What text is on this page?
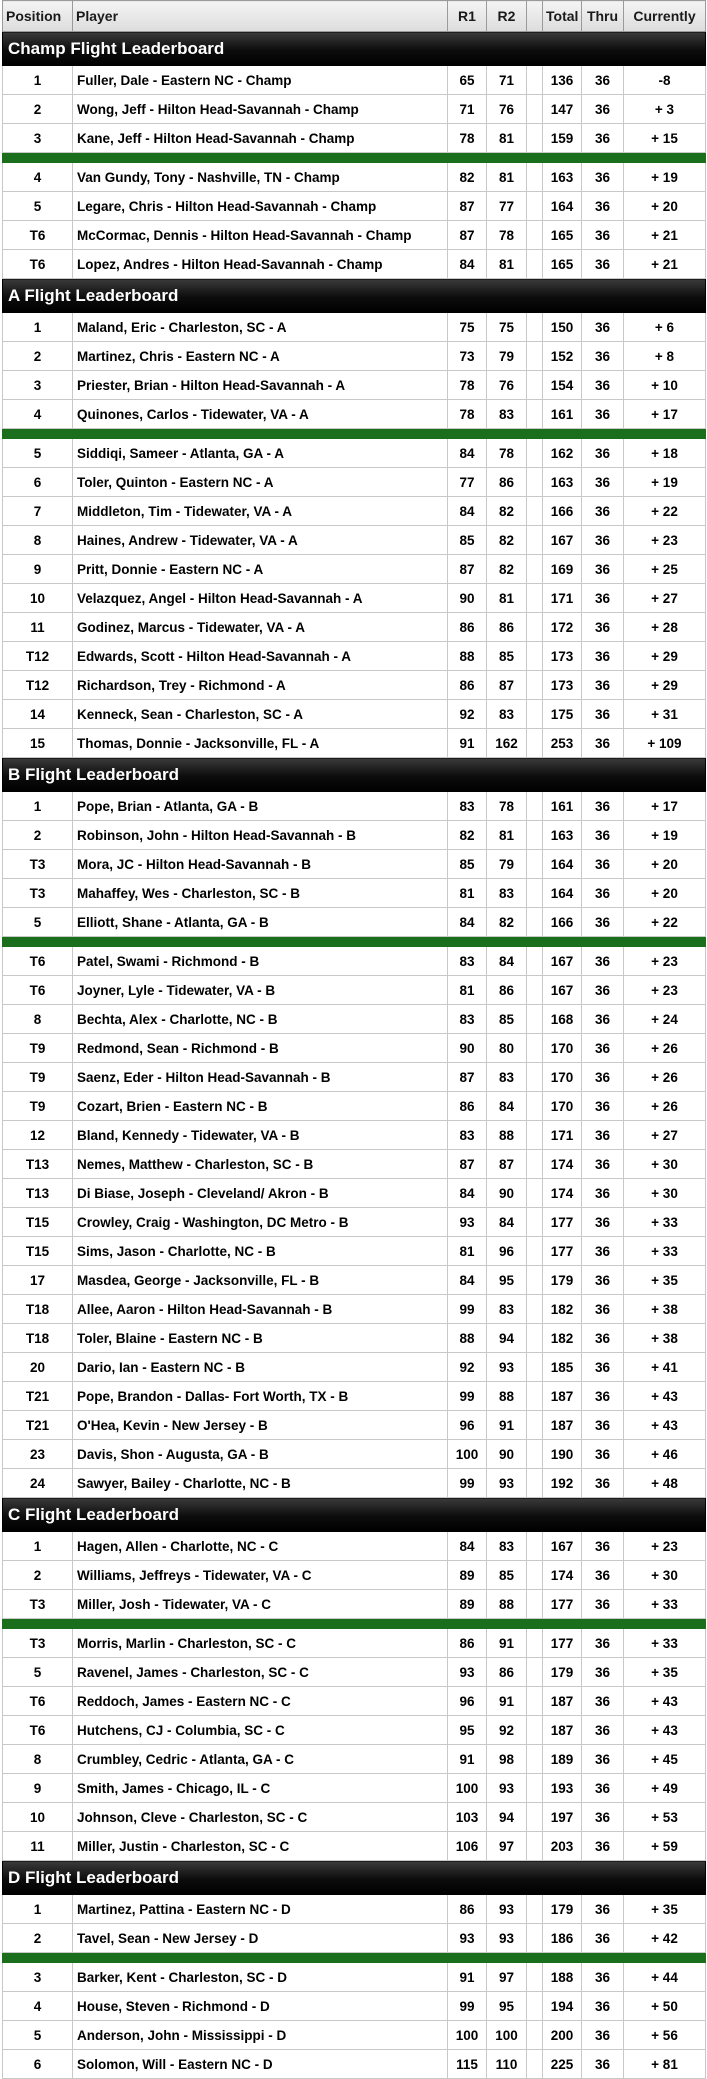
Position	Player	R1	R2		Total	Thru	Currently
Champ Flight Leaderboard							
1	Fuller, Dale - Eastern NC - Champ	65	71		136	36	-8
2	Wong, Jeff - Hilton Head-Savannah - Champ	71	76		147	36	+ 3
3	Kane, Jeff - Hilton Head-Savannah - Champ	78	81		159	36	+ 15

4	Van Gundy, Tony - Nashville, TN - Champ	82	81		163	36	+ 19
5	Legare, Chris - Hilton Head-Savannah - Champ	87	77		164	36	+ 20
T6	McCormac, Dennis - Hilton Head-Savannah - Champ	87	78		165	36	+ 21
T6	Lopez, Andres - Hilton Head-Savannah - Champ	84	81		165	36	+ 21
A Flight Leaderboard							
1	Maland, Eric - Charleston, SC - A	75	75		150	36	+ 6
2	Martinez, Chris - Eastern NC - A	73	79		152	36	+ 8
3	Priester, Brian - Hilton Head-Savannah - A	78	76		154	36	+ 10
4	Quinones, Carlos - Tidewater, VA - A	78	83		161	36	+ 17

5	Siddiqi, Sameer - Atlanta, GA - A	84	78		162	36	+ 18
6	Toler, Quinton - Eastern NC - A	77	86		163	36	+ 19
7	Middleton, Tim - Tidewater, VA - A	84	82		166	36	+ 22
8	Haines, Andrew - Tidewater, VA - A	85	82		167	36	+ 23
9	Pritt, Donnie - Eastern NC - A	87	82		169	36	+ 25
10	Velazquez, Angel - Hilton Head-Savannah - A	90	81		171	36	+ 27
11	Godinez, Marcus - Tidewater, VA - A	86	86		172	36	+ 28
T12	Edwards, Scott - Hilton Head-Savannah - A	88	85		173	36	+ 29
T12	Richardson, Trey - Richmond - A	86	87		173	36	+ 29
14	Kenneck, Sean - Charleston, SC - A	92	83		175	36	+ 31
15	Thomas, Donnie - Jacksonville, FL - A	91	162		253	36	+ 109
B Flight Leaderboard							
1	Pope, Brian - Atlanta, GA - B	83	78		161	36	+ 17
2	Robinson, John - Hilton Head-Savannah - B	82	81		163	36	+ 19
T3	Mora, JC - Hilton Head-Savannah - B	85	79		164	36	+ 20
T3	Mahaffey, Wes - Charleston, SC - B	81	83		164	36	+ 20
5	Elliott, Shane - Atlanta, GA - B	84	82		166	36	+ 22

T6	Patel, Swami - Richmond - B	83	84		167	36	+ 23
T6	Joyner, Lyle - Tidewater, VA - B	81	86		167	36	+ 23
8	Bechta, Alex - Charlotte, NC - B	83	85		168	36	+ 24
T9	Redmond, Sean - Richmond - B	90	80		170	36	+ 26
T9	Saenz, Eder - Hilton Head-Savannah - B	87	83		170	36	+ 26
T9	Cozart, Brien - Eastern NC - B	86	84		170	36	+ 26
12	Bland, Kennedy - Tidewater, VA - B	83	88		171	36	+ 27
T13	Nemes, Matthew - Charleston, SC - B	87	87		174	36	+ 30
T13	Di Biase, Joseph - Cleveland/ Akron - B	84	90		174	36	+ 30
T15	Crowley, Craig - Washington, DC Metro - B	93	84		177	36	+ 33
T15	Sims, Jason - Charlotte, NC - B	81	96		177	36	+ 33
17	Masdea, George - Jacksonville, FL - B	84	95		179	36	+ 35
T18	Allee, Aaron - Hilton Head-Savannah - B	99	83		182	36	+ 38
T18	Toler, Blaine - Eastern NC - B	88	94		182	36	+ 38
20	Dario, Ian - Eastern NC - B	92	93		185	36	+ 41
T21	Pope, Brandon - Dallas- Fort Worth, TX - B	99	88		187	36	+ 43
T21	O'Hea, Kevin - New Jersey - B	96	91		187	36	+ 43
23	Davis, Shon - Augusta, GA - B	100	90		190	36	+ 46
24	Sawyer, Bailey - Charlotte, NC - B	99	93		192	36	+ 48
C Flight Leaderboard							
1	Hagen, Allen - Charlotte, NC - C	84	83		167	36	+ 23
2	Williams, Jeffreys - Tidewater, VA - C	89	85		174	36	+ 30
T3	Miller, Josh - Tidewater, VA - C	89	88		177	36	+ 33

T3	Morris, Marlin - Charleston, SC - C	86	91		177	36	+ 33
5	Ravenel, James - Charleston, SC - C	93	86		179	36	+ 35
T6	Reddoch, James - Eastern NC - C	96	91		187	36	+ 43
T6	Hutchens, CJ - Columbia, SC - C	95	92		187	36	+ 43
8	Crumbley, Cedric - Atlanta, GA - C	91	98		189	36	+ 45
9	Smith, James - Chicago, IL - C	100	93		193	36	+ 49
10	Johnson, Cleve - Charleston, SC - C	103	94		197	36	+ 53
11	Miller, Justin - Charleston, SC - C	106	97		203	36	+ 59
D Flight Leaderboard							
1	Martinez, Pattina - Eastern NC - D	86	93		179	36	+ 35
2	Tavel, Sean - New Jersey - D	93	93		186	36	+ 42

3	Barker, Kent - Charleston, SC - D	91	97		188	36	+ 44
4	House, Steven - Richmond - D	99	95		194	36	+ 50
5	Anderson, John - Mississippi - D	100	100		200	36	+ 56
6	Solomon, Will - Eastern NC - D	115	110		225	36	+ 81
